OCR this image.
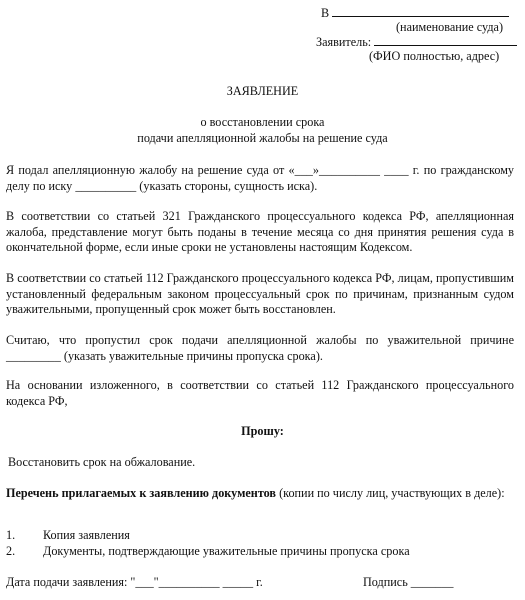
В
(наименование суда)
Заявитель:
(ФИО полностью, адрес)
ЗАЯВЛЕНИЕ
о восстановлении срока
подачи апелляционной жалобы на решение суда
Я подал апелляционную жалобу на решение суда от «___»__________ ____ г. по гражданскому делу по иску __________ (указать стороны, сущность иска).
В соответствии со статьей 321 Гражданского процессуального кодекса РФ, апелляционная жалоба, представление могут быть поданы в течение месяца со дня принятия решения суда в окончательной форме, если иные сроки не установлены настоящим Кодексом.
В соответствии со статьей 112 Гражданского процессуального кодекса РФ, лицам, пропустившим установленный федеральным законом процессуальный срок по причинам, признанным судом уважительными, пропущенный срок может быть восстановлен.
Считаю, что пропустил срок подачи апелляционной жалобы по уважительной причине _________ (указать уважительные причины пропуска срока).
На основании изложенного, в соответствии со статьей 112 Гражданского процессуального кодекса РФ,
Прошу:
Восстановить срок на обжалование.
Перечень прилагаемых к заявлению документов (копии по числу лиц, участвующих в деле):
1. Копия заявления
2. Документы, подтверждающие уважительные причины пропуска срока
Дата подачи заявления: "___"__________ _____ г.	Подпись _______
